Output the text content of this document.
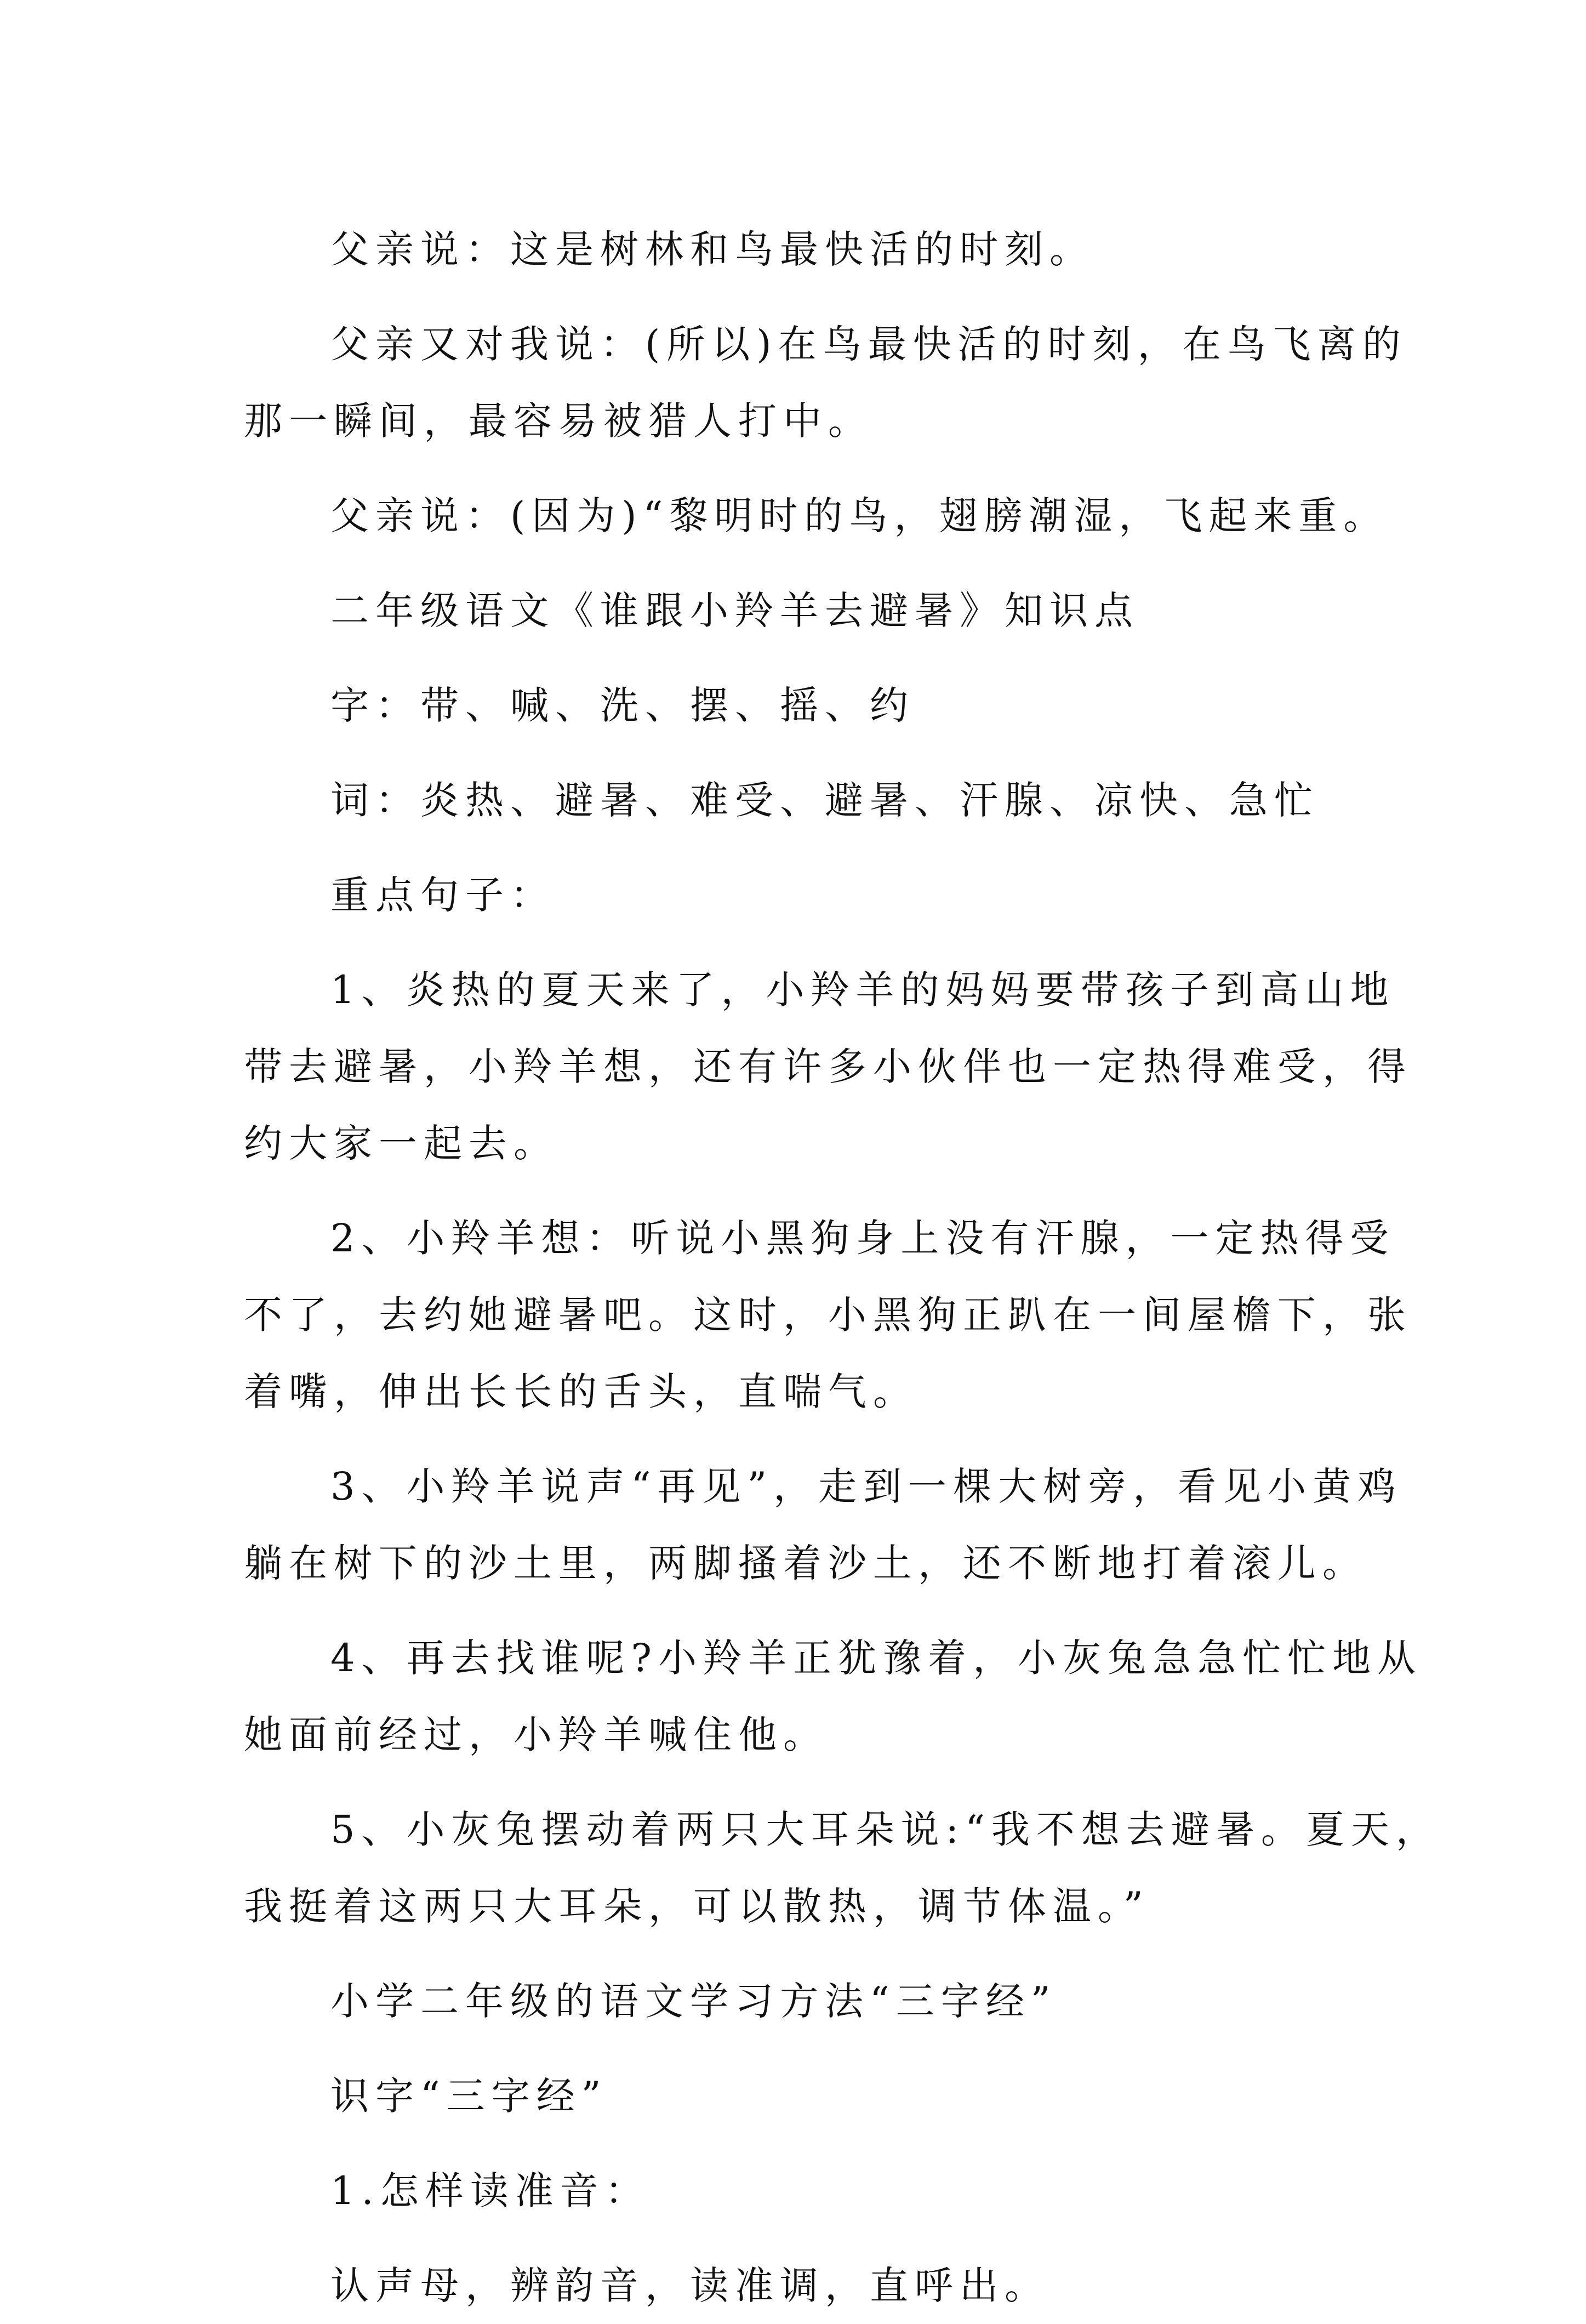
父亲说：这是树林和鸟最快活的时刻。

父亲又对我说：(所以)在鸟最快活的时刻，在鸟飞离的
那一瞬间，最容易被猎人打中。

父亲说：(因为)“黎明时的鸟，翅膀潮湿，飞起来重。

二年级语文《谁跟小羚羊去避暑》知识点

字：带、喊、洗、摆、摇、约

词：炎热、避暑、难受、避暑、汗腺、凉快、急忙

重点句子：

1、炎热的夏天来了，小羚羊的妈妈要带孩子到高山地
带去避暑，小羚羊想，还有许多小伙伴也一定热得难受，得
约大家一起去。

2、小羚羊想：听说小黑狗身上没有汗腺，一定热得受
不了，去约她避暑吧。这时，小黑狗正趴在一间屋檐下，张
着嘴，伸出长长的舌头，直喘气。

3、小羚羊说声“再见”，走到一棵大树旁，看见小黄鸡
躺在树下的沙土里，两脚搔着沙土，还不断地打着滚儿。

4、再去找谁呢?小羚羊正犹豫着，小灰兔急急忙忙地从
她面前经过，小羚羊喊住他。

5、小灰兔摆动着两只大耳朵说:“我不想去避暑。夏天，
我挺着这两只大耳朵，可以散热，调节体温。”

小学二年级的语文学习方法“三字经”

识字“三字经”

1.怎样读准音：

认声母，辨韵音，读准调，直呼出。
